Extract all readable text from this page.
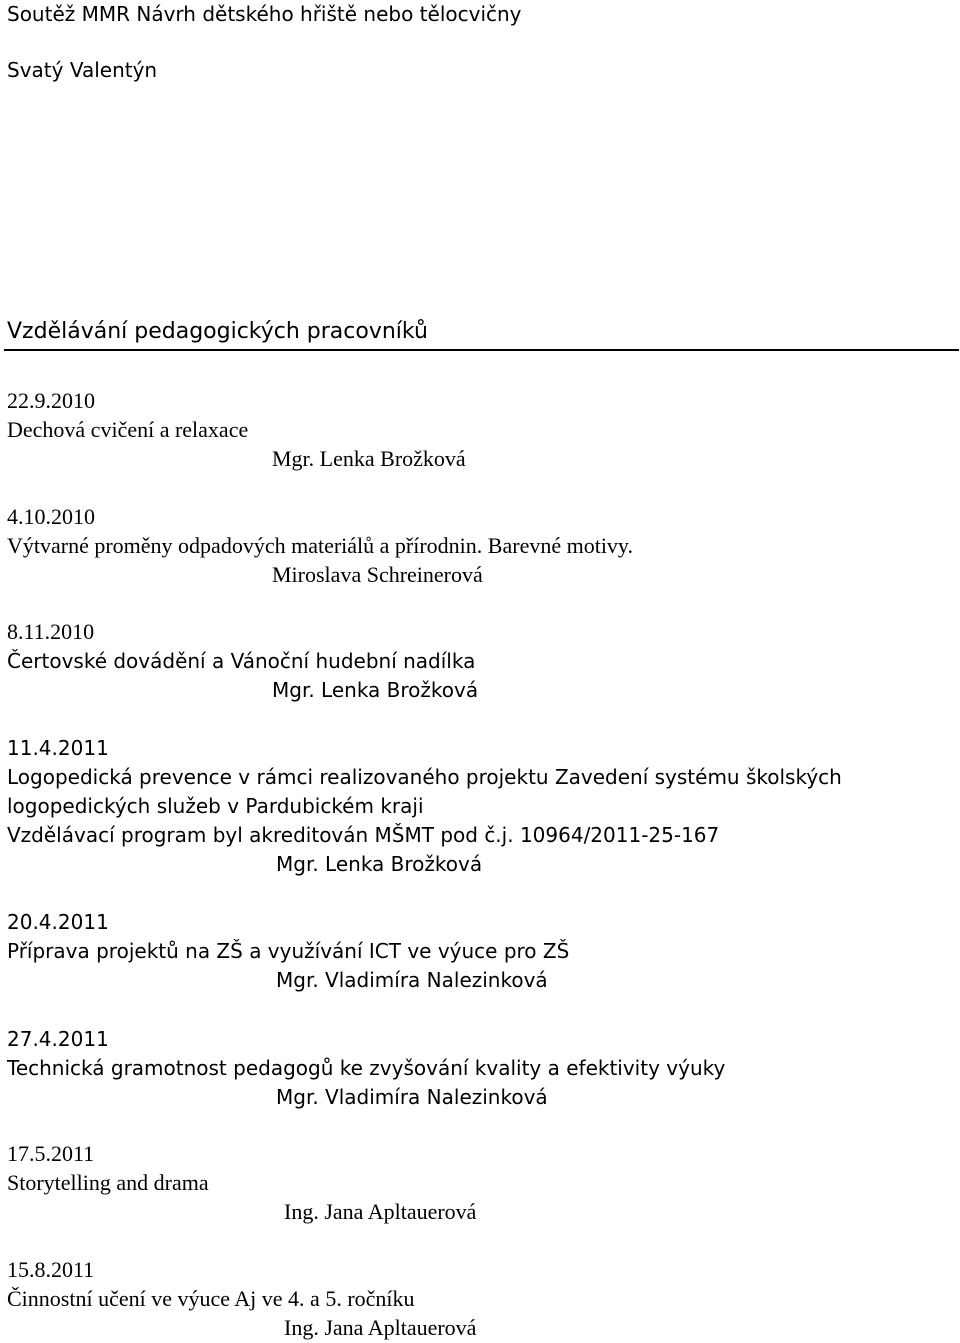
Soutěž MMR Návrh dětského hřiště nebo tělocvičny
Svatý Valentýn
Vzdělávání pedagogických pracovníků
22.9.2010
Dechová cvičení a relaxace
Mgr. Lenka Brožková
4.10.2010
Výtvarné proměny odpadových materiálů a přírodnin. Barevné motivy.
Miroslava Schreinerová
8.11.2010
Čertovské dovádění a Vánoční hudební nadílka
Mgr. Lenka Brožková
11.4.2011
Logopedická prevence v rámci realizovaného projektu Zavedení systému školských
logopedických služeb v Pardubickém kraji
Vzdělávací program byl akreditován MŠMT pod č.j. 10964/2011-25-167
Mgr. Lenka Brožková
20.4.2011
Příprava projektů na ZŠ a využívání ICT ve výuce pro ZŠ
Mgr. Vladimíra Nalezinková
27.4.2011
Technická gramotnost pedagogů ke zvyšování kvality a efektivity výuky
Mgr. Vladimíra Nalezinková
17.5.2011
Storytelling and drama
Ing. Jana Apltauerová
15.8.2011
Činnostní učení ve výuce Aj ve 4. a 5. ročníku
Ing. Jana Apltauerová
